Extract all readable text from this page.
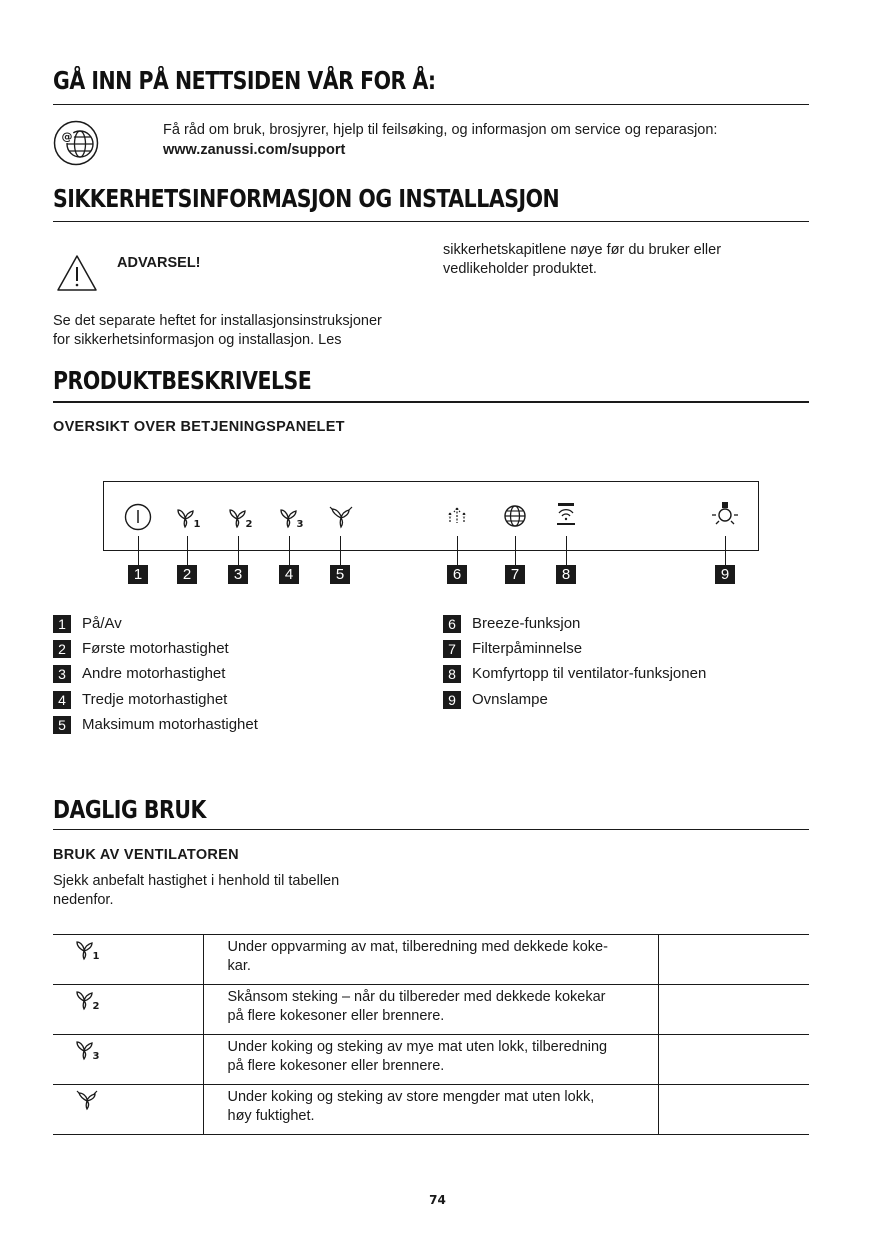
GÅ INN PÅ NETTSIDEN VÅR FOR Å:
@	Få råd om bruk, brosjyrer, hjelp til feilsøking, og informasjon om service og reparasjon:
www.zanussi.com/support
SIKKERHETSINFORMASJON OG INSTALLASJON
ADVARSEL!
sikkerhetskapitlene nøye før du bruker eller
vedlikeholder produktet.
Se det separate heftet for installasjonsinstruksjoner
for sikkerhetsinformasjon og installasjon. Les
PRODUKTBESKRIVELSE
OVERSIKT OVER BETJENINGSPANELET
1	2	3
1	2	3	4	5	6	7	8	9
1	På/Av
2	Første motorhastighet
3	Andre motorhastighet
4	Tredje motorhastighet
5	Maksimum motorhastighet
6	Breeze-funksjon
7	Filterpåminnelse
8	Komfyrtopp til ventilator-funksjonen
9	Ovnslampe
DAGLIG BRUK
BRUK AV VENTILATOREN
Sjekk anbefalt hastighet i henhold til tabellen
nedenfor.
1	Under oppvarming av mat, tilberedning med dekkede koke-
kar.	

2	Skånsom steking – når du tilbereder med dekkede kokekar
på flere kokesoner eller brennere.	

3	Under koking og steking av mye mat uten lokk, tilberedning
på flere kokesoner eller brennere.	

Under koking og steking av store mengder mat uten lokk,
høy fuktighet.	

74
